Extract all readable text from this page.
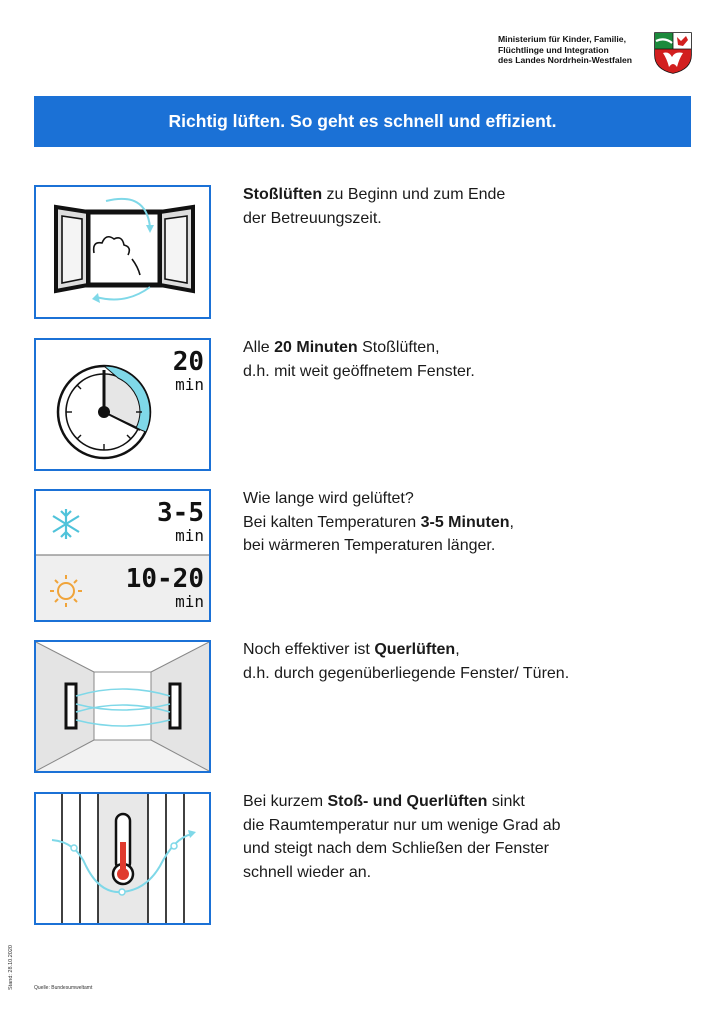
Ministerium für Kinder, Familie,
Flüchtlinge und Integration
des Landes Nordrhein-Westfalen
Richtig lüften. So geht es schnell und effizient.
Stoßlüften zu Beginn und zum Ende
der Betreuungszeit.
20
min
Alle 20 Minuten Stoßlüften,
d.h. mit weit geöffnetem Fenster.
3-5
min
10-20
min
Wie lange wird gelüftet?
Bei kalten Temperaturen 3-5 Minuten,
bei wärmeren Temperaturen länger.
Noch effektiver ist Querlüften,
d.h. durch gegenüberliegende Fenster/ Türen.
Bei kurzem Stoß- und Querlüften sinkt
die Raumtemperatur nur um wenige Grad ab
und steigt nach dem Schließen der Fenster
schnell wieder an.
Stand: 28.10.2020	Quelle: Bundesumweltamt
